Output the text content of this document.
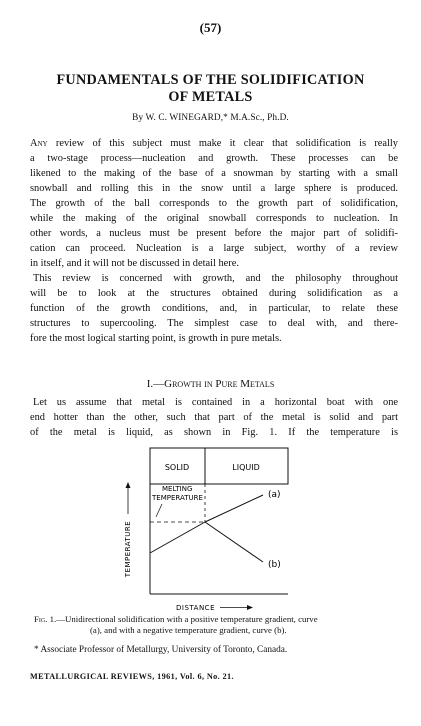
(57)
FUNDAMENTALS OF THE SOLIDIFICATION
OF METALS
By W. C. WINEGARD,* M.A.Sc., Ph.D.
Any review of this subject must make it clear that solidification is really
a two-stage process—nucleation and growth. These processes can be
likened to the making of the base of a snowman by starting with a small
snowball and rolling this in the snow until a large sphere is produced.
The growth of the ball corresponds to the growth part of solidification,
while the making of the original snowball corresponds to nucleation. In
other words, a nucleus must be present before the major part of solidifi-
cation can proceed. Nucleation is a large subject, worthy of a review
in itself, and it will not be discussed in detail here.
This review is concerned with growth, and the philosophy throughout
will be to look at the structures obtained during solidification as a
function of the growth conditions, and, in particular, to relate these
structures to supercooling. The simplest case to deal with, and there-
fore the most logical starting point, is growth in pure metals.
I.—Growth in Pure Metals
Let us assume that metal is contained in a horizontal boat with one
end hotter than the other, such that part of the metal is solid and part
of the metal is liquid, as shown in Fig. 1. If the temperature is
SOLID	LIQUID
MELTING
TEMPERATURE	(a)
(b)
TEMPERATURE
DISTANCE
Fig. 1.—Unidirectional solidification with a positive temperature gradient, curve
(a), and with a negative temperature gradient, curve (b).
* Associate Professor of Metallurgy, University of Toronto, Canada.
METALLURGICAL REVIEWS, 1961, Vol. 6, No. 21.
